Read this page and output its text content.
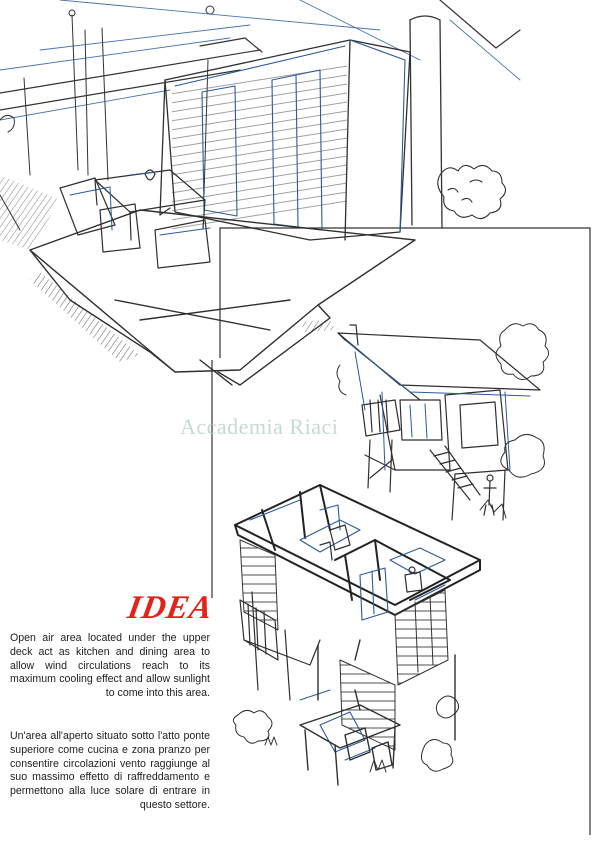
Accademia Riaci
IDEA

Open air area located under the upper deck act as kitchen and dining area to allow wind circulations reach to its maximum cooling effect and allow sunlight to come into this area.

Un'area all'aperto situato sotto l'atto ponte superiore come cucina e zona pranzo per consentire circolazioni vento raggiunge al suo massimo effetto di raffreddamento e permettono alla luce solare di entrare in questo settore.
